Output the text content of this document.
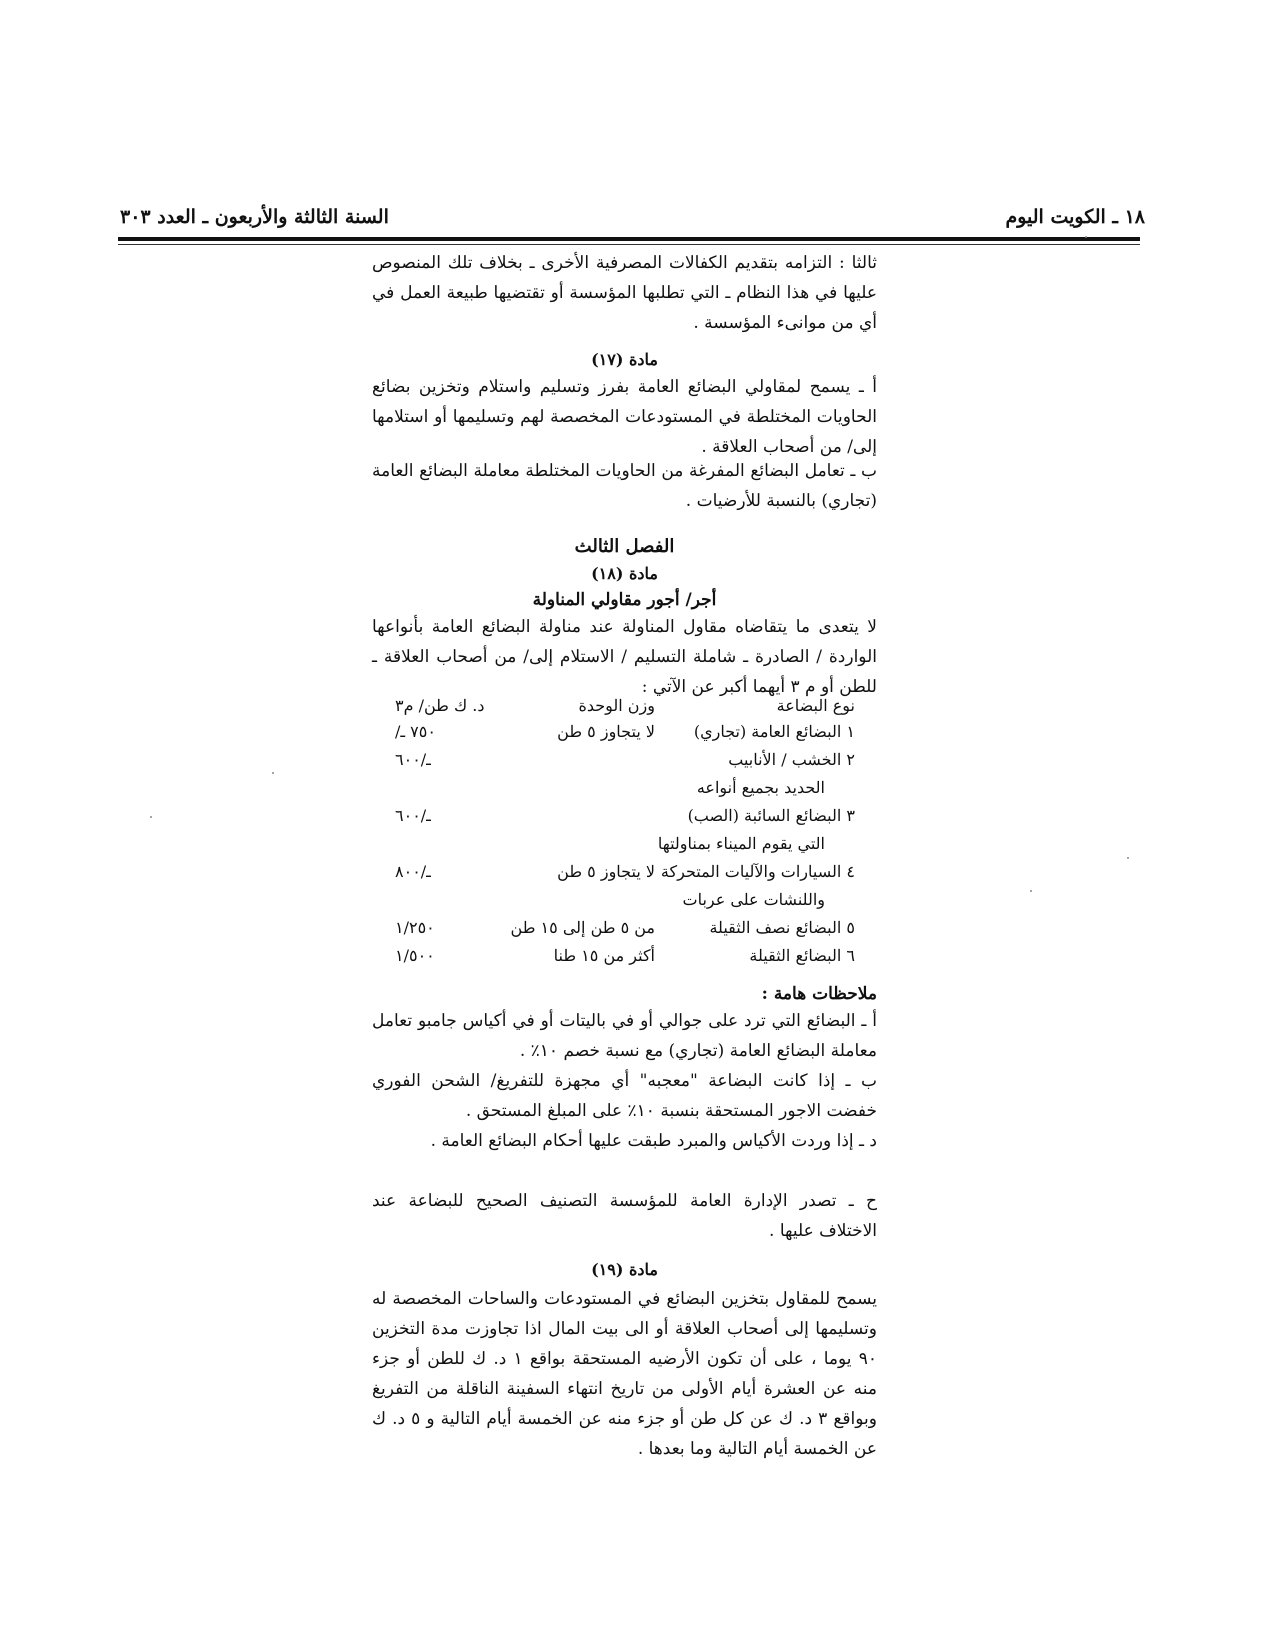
١٨ ـ الكويت اليوم
السنة الثالثة والأربعون ـ العدد ٣٠٣
ثالثا : التزامه بتقديم الكفالات المصرفية الأخرى ـ بخلاف تلك المنصوص عليها في هذا النظام ـ التي تطلبها المؤسسة أو تقتضيها طبيعة العمل في أي من موانىء المؤسسة .
مادة (١٧)
أ ـ يسمح لمقاولي البضائع العامة بفرز وتسليم واستلام وتخزين بضائع الحاويات المختلطة في المستودعات المخصصة لهم وتسليمها أو استلامها إلى/ من أصحاب العلاقة .
ب ـ تعامل البضائع المفرغة من الحاويات المختلطة معاملة البضائع العامة (تجاري) بالنسبة للأرضيات .
الفصل الثالث
مادة (١٨)
أجر/ أجور مقاولي المناولة
لا يتعدى ما يتقاضاه مقاول المناولة عند مناولة البضائع العامة بأنواعها الواردة / الصادرة ـ شاملة التسليم / الاستلام إلى/ من أصحاب العلاقة ـ للطن أو م ٣ أيهما أكبر عن الآتي :
نوع البضاعة
وزن الوحدة
د. ك طن/ م٣
١ البضائع العامة (تجاري)
لا يتجاوز ٥ طن
/٧٥٠ ـ
٢ الخشب / الأنابيب
ـ/٦٠٠
الحديد بجميع أنواعه
٣ البضائع السائبة (الصب)
ـ/٦٠٠
التي يقوم الميناء بمناولتها
٤ السيارات والآليات المتحركة
لا يتجاوز ٥ طن
ـ/٨٠٠
واللنشات على عربات
٥ البضائع نصف الثقيلة
من ٥ طن إلى ١٥ طن
١/٢٥٠
٦ البضائع الثقيلة
أكثر من ١٥ طنا
١/٥٠٠
ملاحظات هامة :
أ ـ البضائع التي ترد على جوالي أو في باليتات أو في أكياس جامبو تعامل معاملة البضائع العامة (تجاري) مع نسبة خصم ١٠٪ .
ب ـ إذا كانت البضاعة "معجبه" أي مجهزة للتفريغ/ الشحن الفوري خفضت الاجور المستحقة بنسبة ١٠٪ على المبلغ المستحق .
د ـ إذا وردت الأكياس والمبرد طبقت عليها أحكام البضائع العامة .
ح ـ تصدر الإدارة العامة للمؤسسة التصنيف الصحيح للبضاعة عند الاختلاف عليها .
مادة (١٩)
يسمح للمقاول بتخزين البضائع في المستودعات والساحات المخصصة له وتسليمها إلى أصحاب العلاقة أو الى بيت المال اذا تجاوزت مدة التخزين ٩٠ يوما ، على أن تكون الأرضيه المستحقة بواقع ١ د. ك للطن أو جزء منه عن العشرة أيام الأولى من تاريخ انتهاء السفينة الناقلة من التفريغ وبواقع ٣ د. ك عن كل طن أو جزء منه عن الخمسة أيام التالية و ٥ د. ك عن الخمسة أيام التالية وما بعدها .
